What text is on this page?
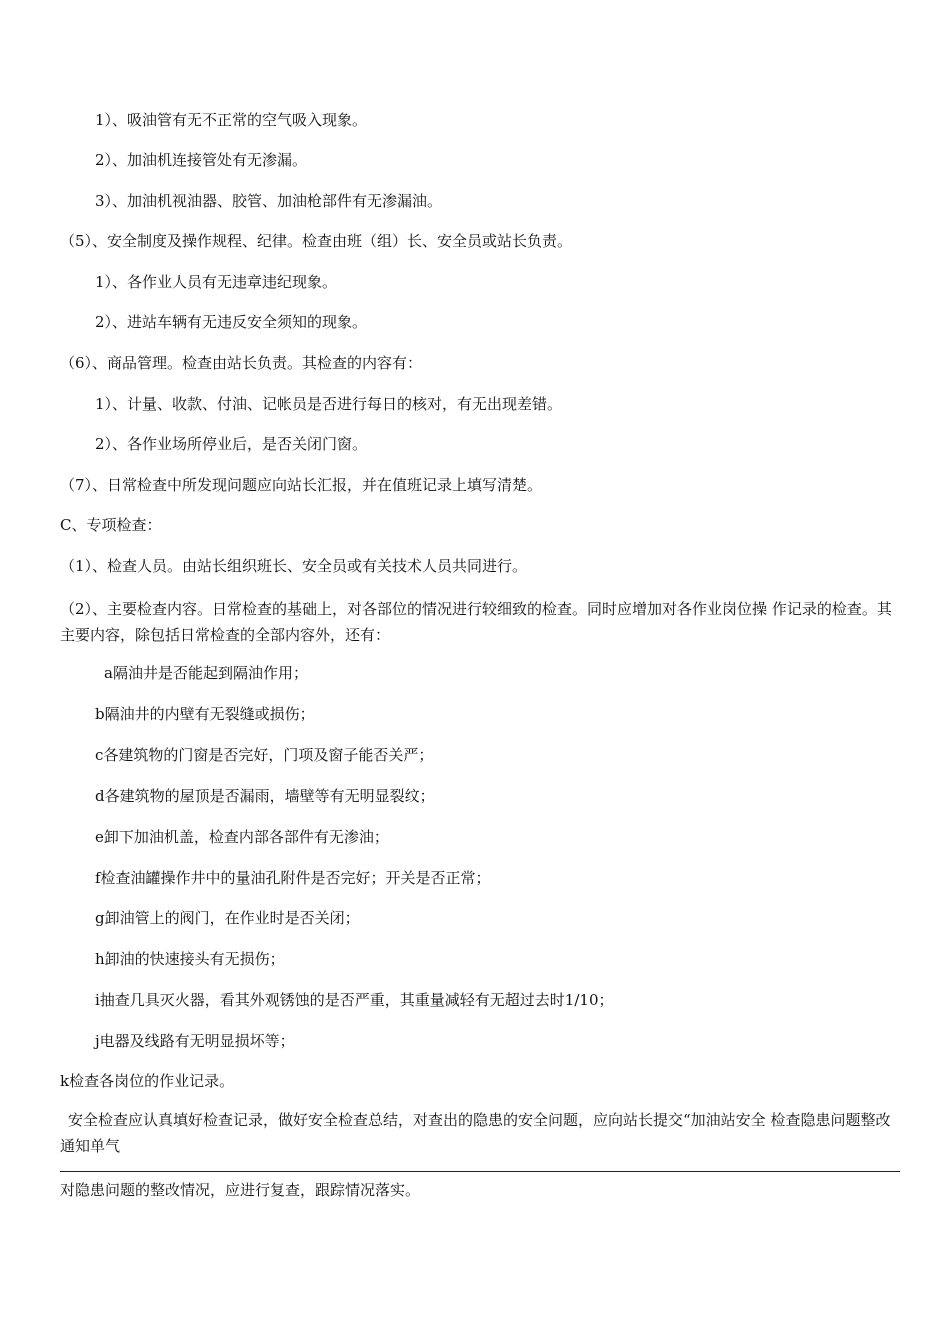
1）、吸油管有无不正常的空气吸入现象。
2）、加油机连接管处有无渗漏。
3）、加油机视油器、胶管、加油枪部件有无渗漏油。
（5）、安全制度及操作规程、纪律。检查由班（组）长、安全员或站长负责。
1）、各作业人员有无违章违纪现象。
2）、进站车辆有无违反安全须知的现象。
（6）、商品管理。检查由站长负责。其检查的内容有：
1）、计量、收款、付油、记帐员是否进行每日的核对，有无出现差错。
2）、各作业场所停业后，是否关闭门窗。
（7）、日常检查中所发现问题应向站长汇报，并在值班记录上填写清楚。
C、专项检查：
（1）、检查人员。由站长组织班长、安全员或有关技术人员共同进行。
（2）、主要检查内容。日常检查的基础上，对各部位的情况进行较细致的检查。同时应增加对各作业岗位操 作记录的检查。其主要内容，除包括日常检查的全部内容外，还有：
a隔油井是否能起到隔油作用；
b隔油井的内壁有无裂缝或损伤；
c各建筑物的门窗是否完好，门项及窗子能否关严；
d各建筑物的屋顶是否漏雨，墙壁等有无明显裂纹；
e卸下加油机盖，检查内部各部件有无渗油；
f检查油罐操作井中的量油孔附件是否完好；开关是否正常；
g卸油管上的阀门，在作业时是否关闭；
h卸油的快速接头有无损伤；
i抽查几具灭火器，看其外观锈蚀的是否严重，其重量减轻有无超过去时1/10；
j电器及线路有无明显损坏等；
k检查各岗位的作业记录。
安全检查应认真填好检查记录，做好安全检查总结，对查出的隐患的安全问题，应向站长提交“加油站安全 检查隐患问题整改通知单气
对隐患问题的整改情况，应进行复查，跟踪情况落实。
